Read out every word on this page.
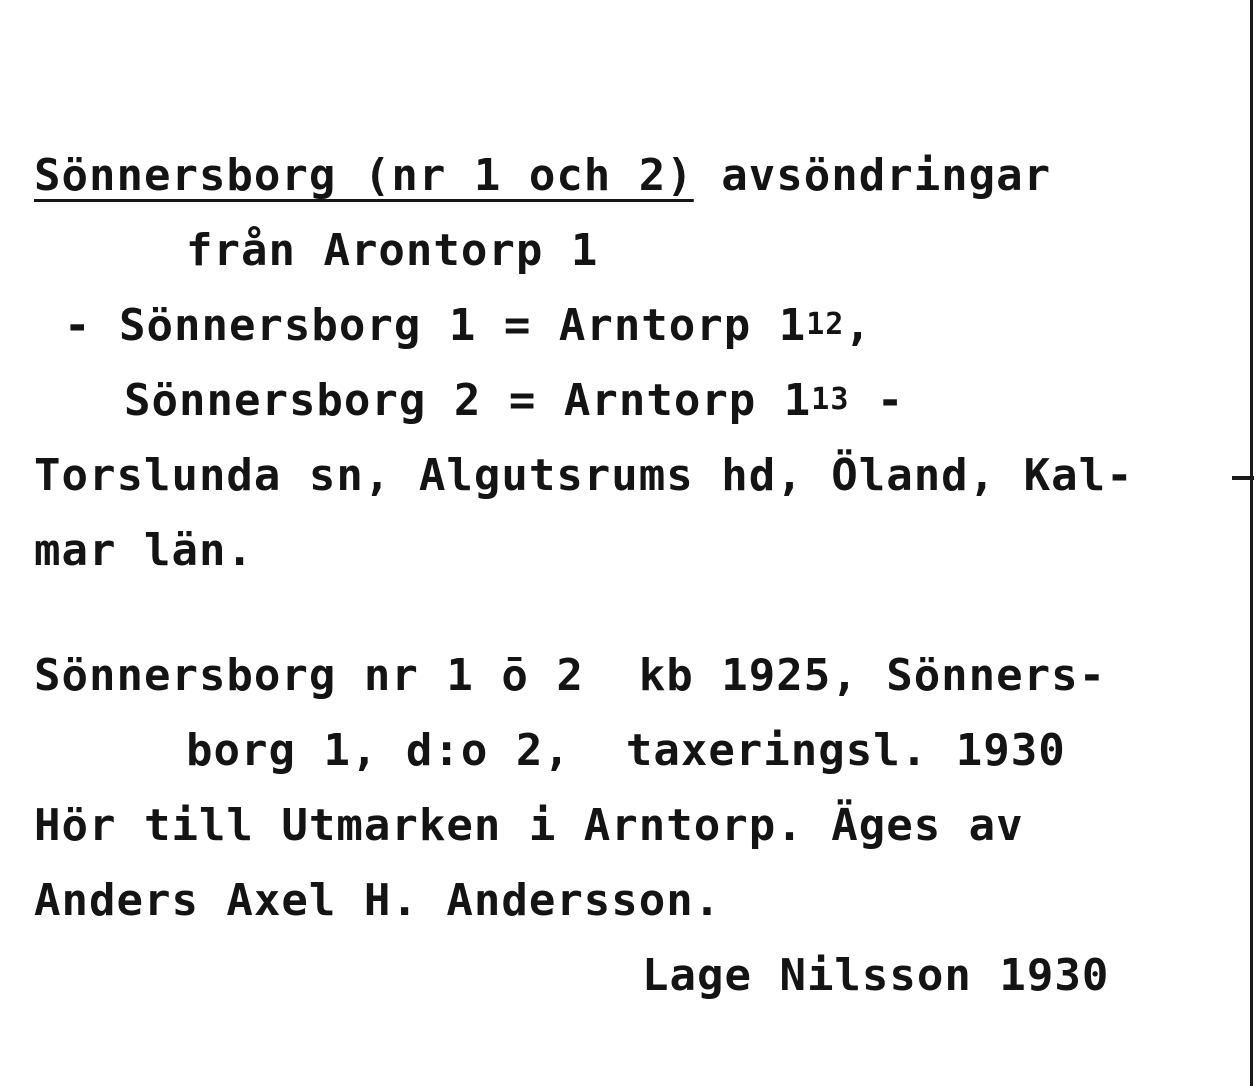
Sönnersborg (nr 1 och 2) avsöndringar
från Arontorp 1
- Sönnersborg 1 = Arntorp $1^{12}$,
Sönnersborg 2 = Arntorp $1^{13}$ -
Torslunda sn, Algutsrums hd, Öland, Kal-
mar län.
Sönnersborg nr 1 ō 2  kb 1925, Sönners-
borg 1, d:o 2,  taxeringsl. 1930
Hör till Utmarken i Arntorp. Äges av
Anders Axel H. Andersson.
Lage Nilsson 1930
